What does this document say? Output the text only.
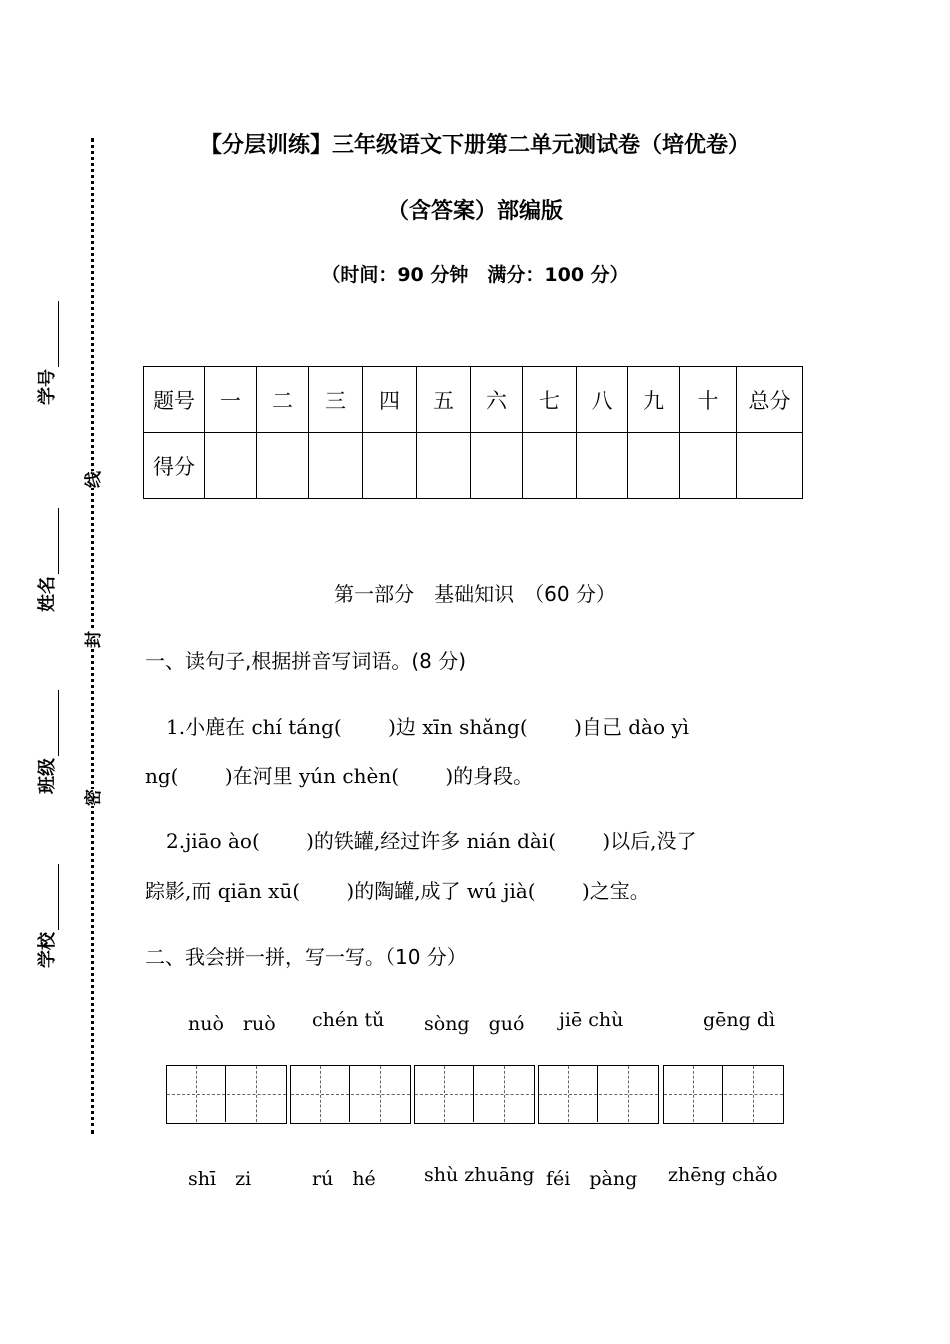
【分层训练】三年级语文下册第二单元测试卷（培优卷）
（含答案）部编版
（时间：90 分钟　满分：100 分）
学号
姓名
班级
学校
线
封
密
题号	一	二	三	四	五	六	七	八	九	十	总分
得分											
第一部分　基础知识　（60 分）
一、读句子,根据拼音写词语。(8 分)
1.小鹿在 chí táng(　　 )边 xīn shǎng(　　 )自己 dào yì
ng(　　 )在河里 yún chèn(　　 )的身段。
2.jiāo ào(　　 )的铁罐,经过许多 nián dài(　　 )以后,没了
踪影,而 qiān xū(　　 )的陶罐,成了 wú jià(　　 )之宝。
二、我会拼一拼，写一写。（10 分）
nuò　ruò chén tǔ sòng　guó jiē chù	gēng dì
shī　zi	rú　hé	shù zhuāng féi　pàng zhēng chǎo
